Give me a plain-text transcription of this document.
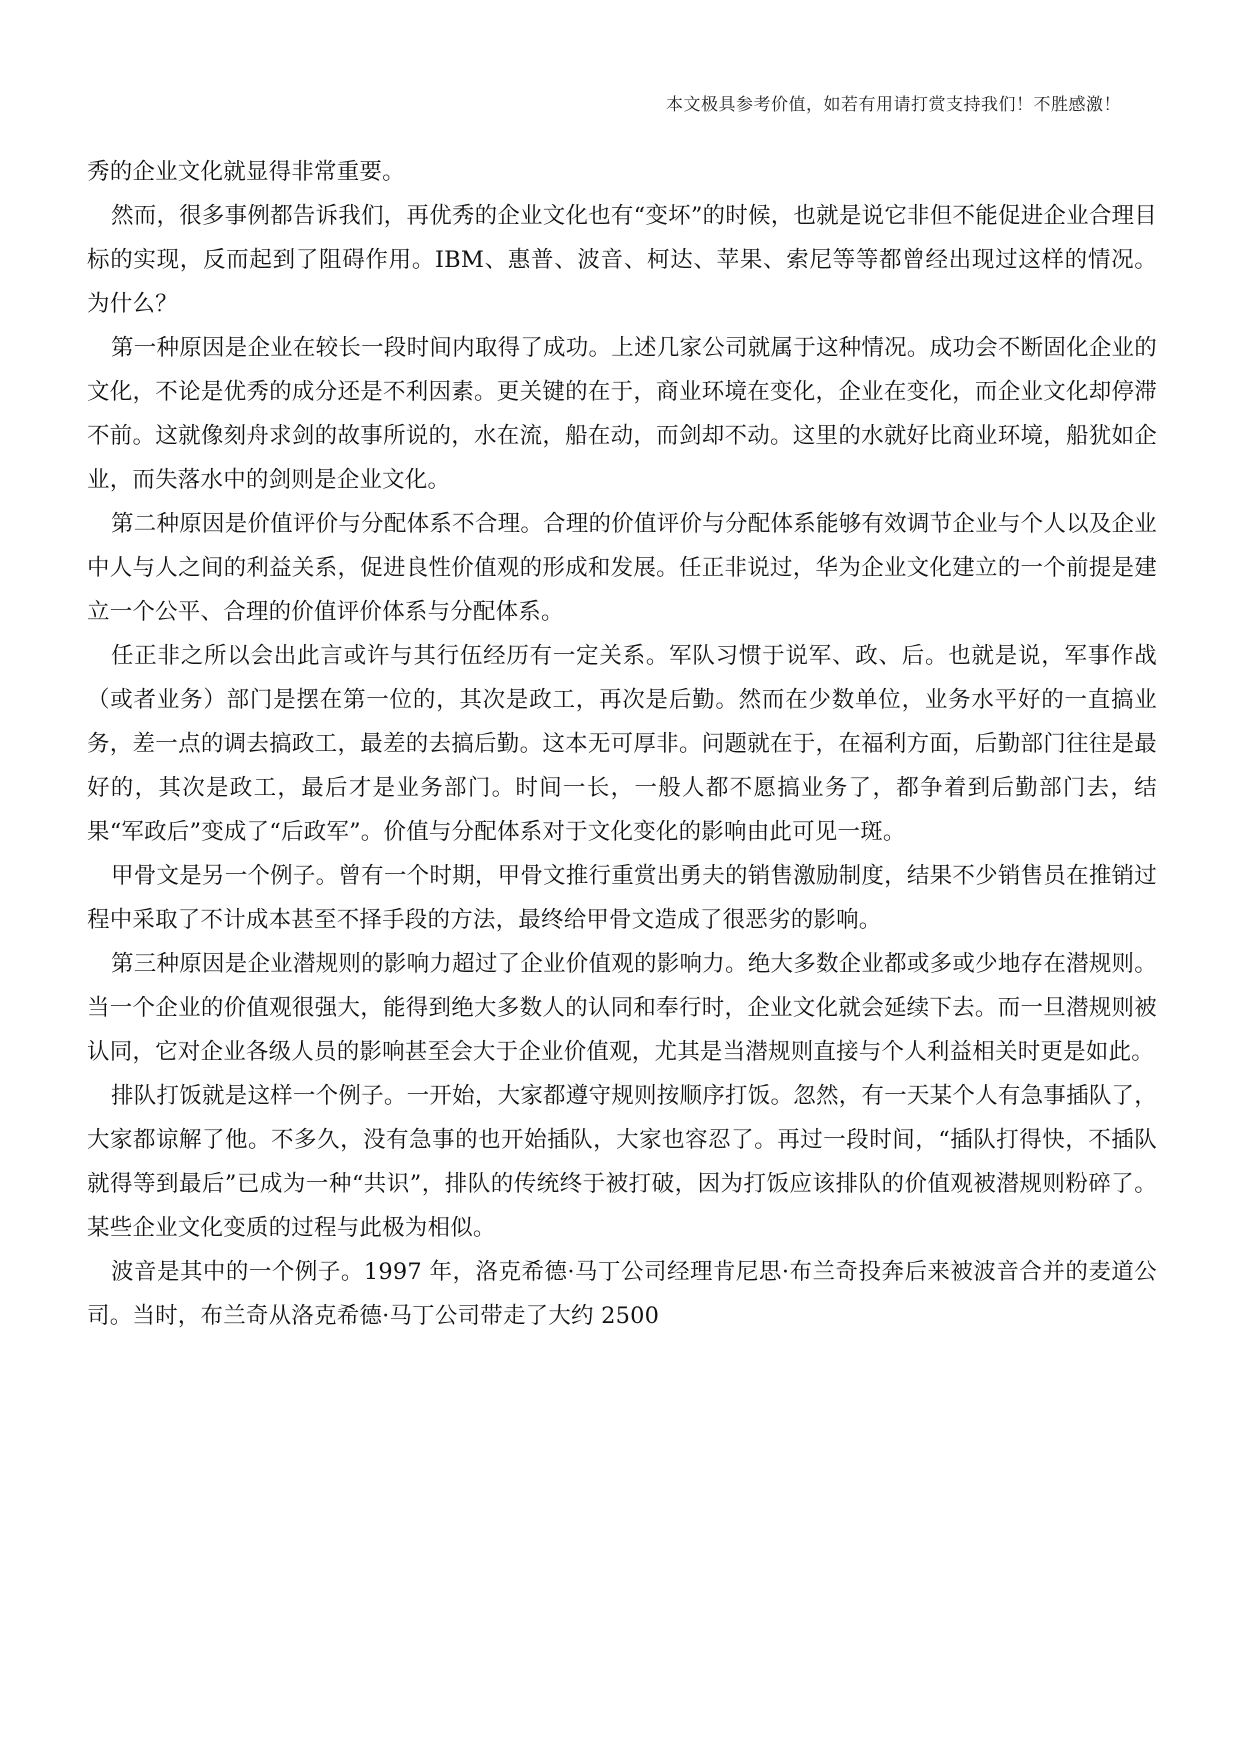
本文极具参考价值，如若有用请打赏支持我们！不胜感激！

秀的企业文化就显得非常重要。

然而，很多事例都告诉我们，再优秀的企业文化也有“变坏”的时候，也就是说它非但不能促进企业合理目标的实现，反而起到了阻碍作用。IBM、惠普、波音、柯达、苹果、索尼等等都曾经出现过这样的情况。为什么？

第一种原因是企业在较长一段时间内取得了成功。上述几家公司就属于这种情况。成功会不断固化企业的文化，不论是优秀的成分还是不利因素。更关键的在于，商业环境在变化，企业在变化，而企业文化却停滞不前。这就像刻舟求剑的故事所说的，水在流，船在动，而剑却不动。这里的水就好比商业环境，船犹如企业，而失落水中的剑则是企业文化。

第二种原因是价值评价与分配体系不合理。合理的价值评价与分配体系能够有效调节企业与个人以及企业中人与人之间的利益关系，促进良性价值观的形成和发展。任正非说过，华为企业文化建立的一个前提是建立一个公平、合理的价值评价体系与分配体系。

任正非之所以会出此言或许与其行伍经历有一定关系。军队习惯于说军、政、后。也就是说，军事作战（或者业务）部门是摆在第一位的，其次是政工，再次是后勤。然而在少数单位，业务水平好的一直搞业务，差一点的调去搞政工，最差的去搞后勤。这本无可厚非。问题就在于，在福利方面，后勤部门往往是最好的，其次是政工，最后才是业务部门。时间一长，一般人都不愿搞业务了，都争着到后勤部门去，结果“军政后”变成了“后政军”。价值与分配体系对于文化变化的影响由此可见一斑。

甲骨文是另一个例子。曾有一个时期，甲骨文推行重赏出勇夫的销售激励制度，结果不少销售员在推销过程中采取了不计成本甚至不择手段的方法，最终给甲骨文造成了很恶劣的影响。

第三种原因是企业潜规则的影响力超过了企业价值观的影响力。绝大多数企业都或多或少地存在潜规则。当一个企业的价值观很强大，能得到绝大多数人的认同和奉行时，企业文化就会延续下去。而一旦潜规则被认同，它对企业各级人员的影响甚至会大于企业价值观，尤其是当潜规则直接与个人利益相关时更是如此。

排队打饭就是这样一个例子。一开始，大家都遵守规则按顺序打饭。忽然，有一天某个人有急事插队了，大家都谅解了他。不多久，没有急事的也开始插队，大家也容忍了。再过一段时间，“插队打得快，不插队就得等到最后”已成为一种“共识”，排队的传统终于被打破，因为打饭应该排队的价值观被潜规则粉碎了。某些企业文化变质的过程与此极为相似。

波音是其中的一个例子。1997 年，洛克希德·马丁公司经理肯尼思·布兰奇投奔后来被波音合并的麦道公司。当时，布兰奇从洛克希德·马丁公司带走了大约 2500
